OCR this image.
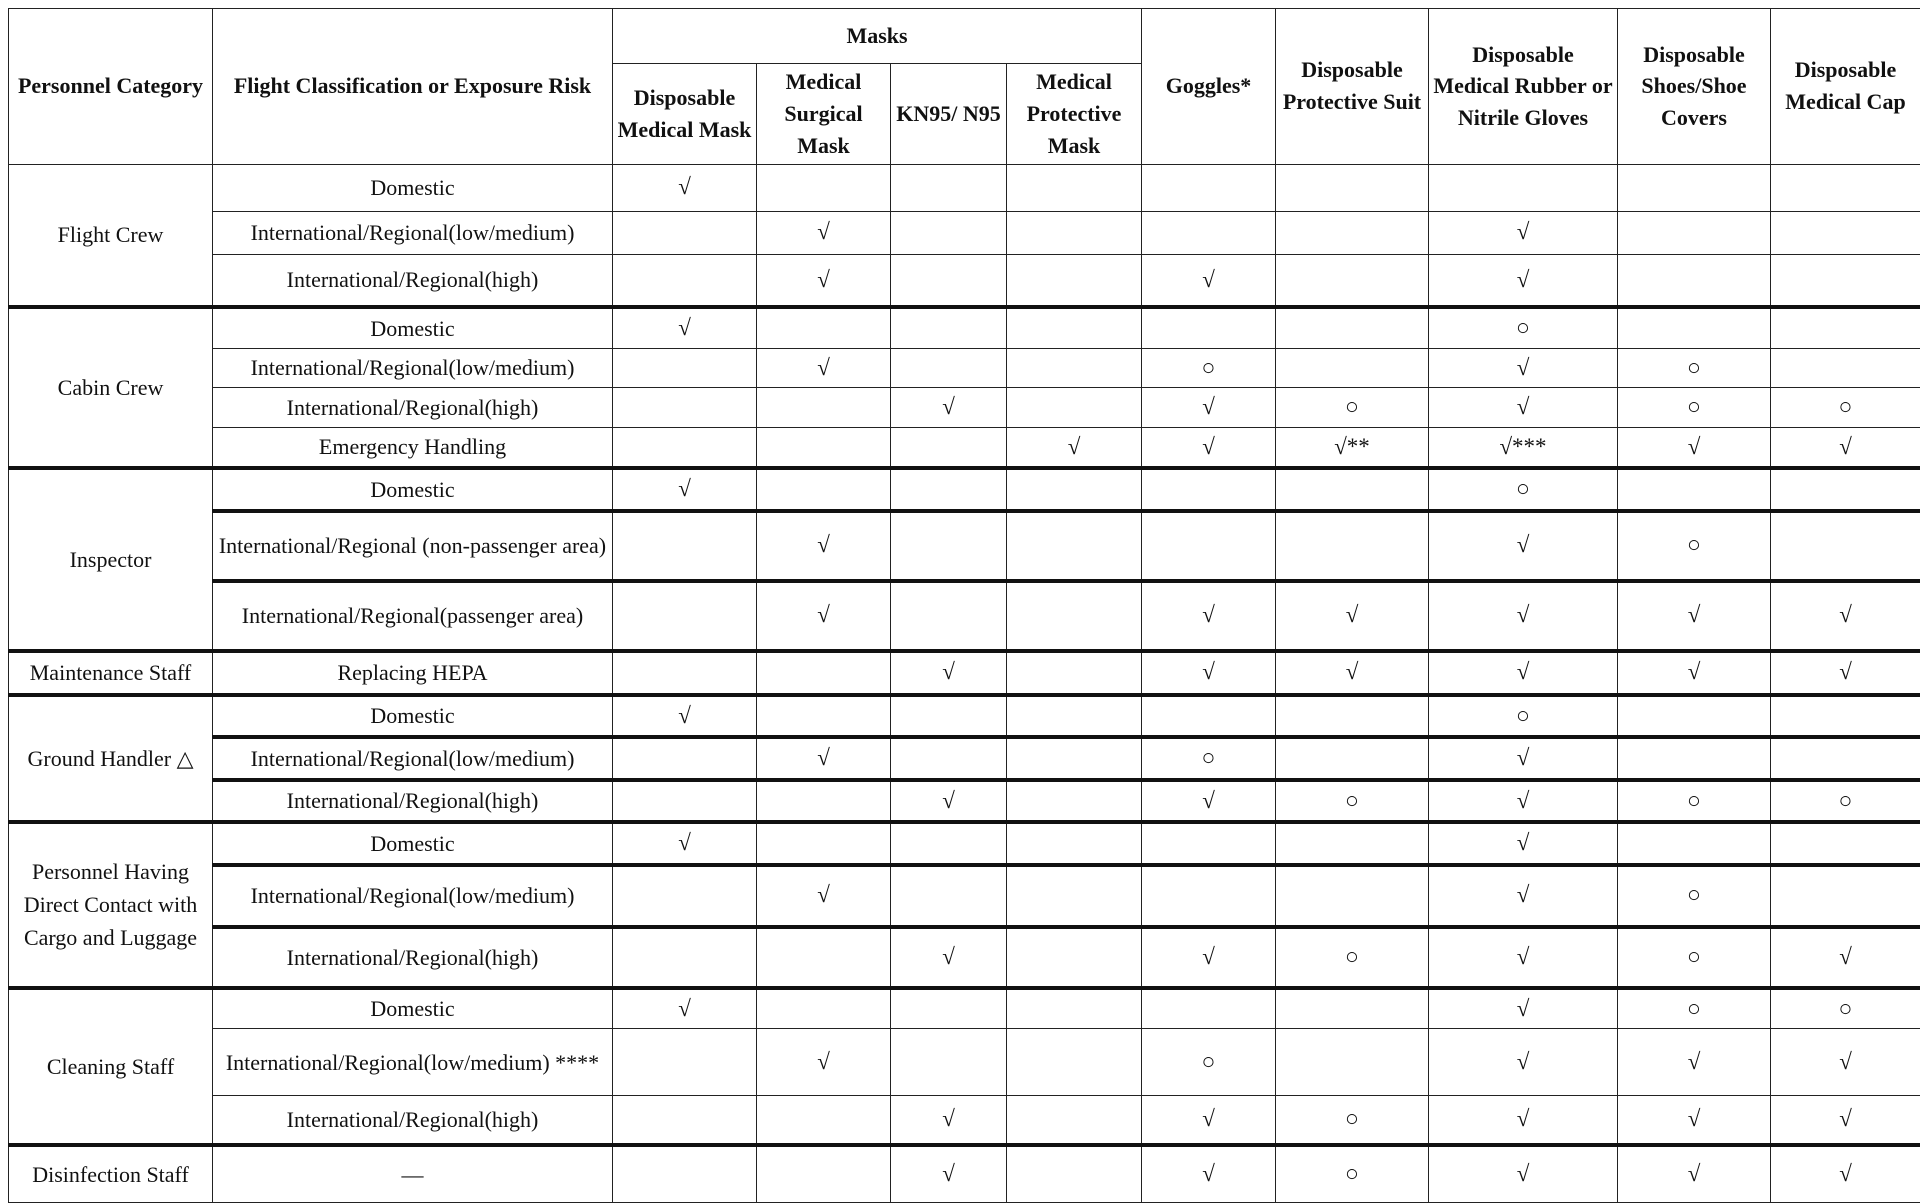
Personnel Category	Flight Classification or Exposure Risk	Masks				Goggles*	Disposable Protective Suit	Disposable Medical Rubber or Nitrile Gloves	Disposable Shoes/Shoe Covers	Disposable Medical Cap
		Disposable Medical Mask	Medical Surgical Mask	KN95/ N95	Medical Protective Mask					
Flight Crew	Domestic	√								
	International/Regional(low/medium)		√					√		
	International/Regional(high)		√			√		√		
Cabin Crew	Domestic	√						○		
	International/Regional(low/medium)		√			○		√	○	
	International/Regional(high)			√		√	○	√	○	○
	Emergency Handling				√	√	√**	√***	√	√
Inspector	Domestic	√						○		
	International/Regional (non-passenger area)		√					√	○	
	International/Regional(passenger area)		√			√	√	√	√	√
Maintenance Staff	Replacing HEPA			√		√	√	√	√	√
Ground Handler △	Domestic	√						○		
	International/Regional(low/medium)		√			○		√		
	International/Regional(high)			√		√	○	√	○	○
Personnel Having Direct Contact with Cargo and Luggage	Domestic	√						√		
	International/Regional(low/medium)		√					√	○	
	International/Regional(high)			√		√	○	√	○	√
Cleaning Staff	Domestic	√						√	○	○
	International/Regional(low/medium) ****		√			○		√	√	√
	International/Regional(high)			√		√	○	√	√	√
Disinfection Staff	—			√		√	○	√	√	√
